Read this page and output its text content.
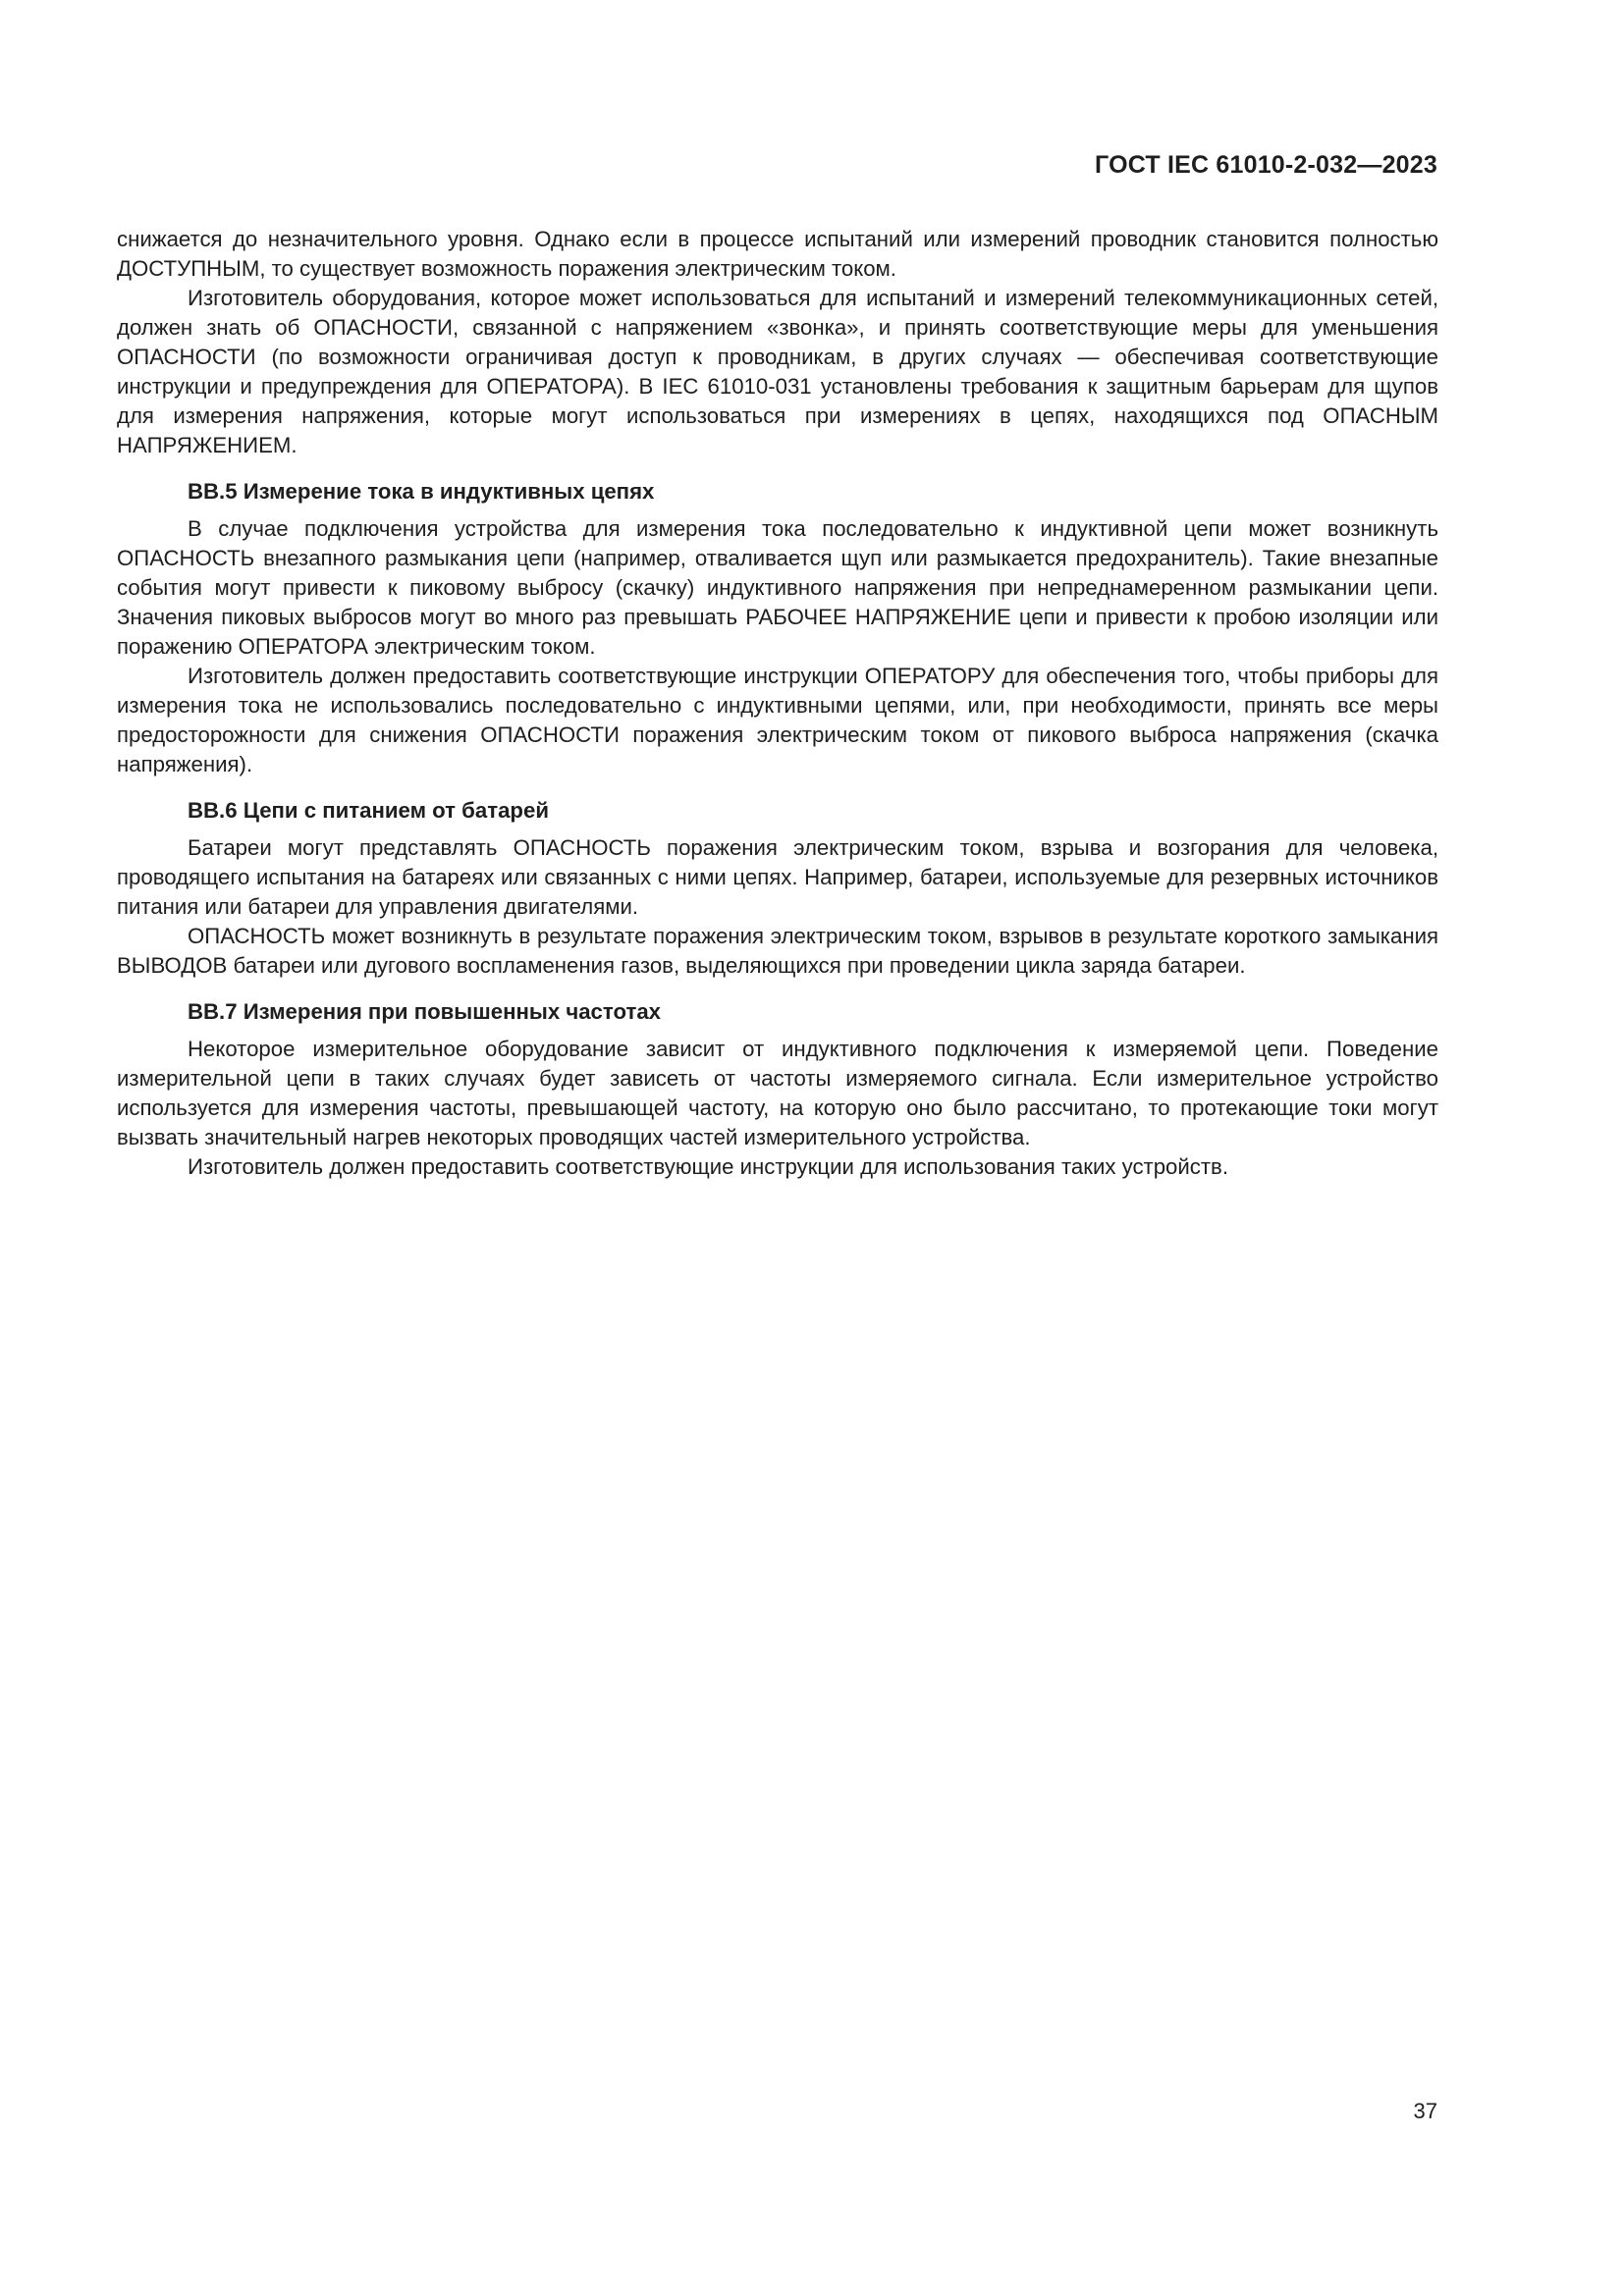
ГОСТ IEC 61010-2-032—2023

снижается до незначительного уровня. Однако если в процессе испытаний или измерений проводник становится полностью ДОСТУПНЫМ, то существует возможность поражения электрическим током.

Изготовитель оборудования, которое может использоваться для испытаний и измерений телекоммуникационных сетей, должен знать об ОПАСНОСТИ, связанной с напряжением «звонка», и принять соответствующие меры для уменьшения ОПАСНОСТИ (по возможности ограничивая доступ к проводникам, в других случаях — обеспечивая соответствующие инструкции и предупреждения для ОПЕРАТОРА). В IEC 61010-031 установлены требования к защитным барьерам для щупов для измерения напряжения, которые могут использоваться при измерениях в цепях, находящихся под ОПАСНЫМ НАПРЯЖЕНИЕМ.

ВВ.5 Измерение тока в индуктивных цепях

В случае подключения устройства для измерения тока последовательно к индуктивной цепи может возникнуть ОПАСНОСТЬ внезапного размыкания цепи (например, отваливается щуп или размыкается предохранитель). Такие внезапные события могут привести к пиковому выбросу (скачку) индуктивного напряжения при непреднамеренном размыкании цепи. Значения пиковых выбросов могут во много раз превышать РАБОЧЕЕ НАПРЯЖЕНИЕ цепи и привести к пробою изоляции или поражению ОПЕРАТОРА электрическим током.

Изготовитель должен предоставить соответствующие инструкции ОПЕРАТОРУ для обеспечения того, чтобы приборы для измерения тока не использовались последовательно с индуктивными цепями, или, при необходимости, принять все меры предосторожности для снижения ОПАСНОСТИ поражения электрическим током от пикового выброса напряжения (скачка напряжения).

ВВ.6 Цепи с питанием от батарей

Батареи могут представлять ОПАСНОСТЬ поражения электрическим током, взрыва и возгорания для человека, проводящего испытания на батареях или связанных с ними цепях. Например, батареи, используемые для резервных источников питания или батареи для управления двигателями.

ОПАСНОСТЬ может возникнуть в результате поражения электрическим током, взрывов в результате короткого замыкания ВЫВОДОВ батареи или дугового воспламенения газов, выделяющихся при проведении цикла заряда батареи.

ВВ.7 Измерения при повышенных частотах

Некоторое измерительное оборудование зависит от индуктивного подключения к измеряемой цепи. Поведение измерительной цепи в таких случаях будет зависеть от частоты измеряемого сигнала. Если измерительное устройство используется для измерения частоты, превышающей частоту, на которую оно было рассчитано, то протекающие токи могут вызвать значительный нагрев некоторых проводящих частей измерительного устройства.

Изготовитель должен предоставить соответствующие инструкции для использования таких устройств.

37
